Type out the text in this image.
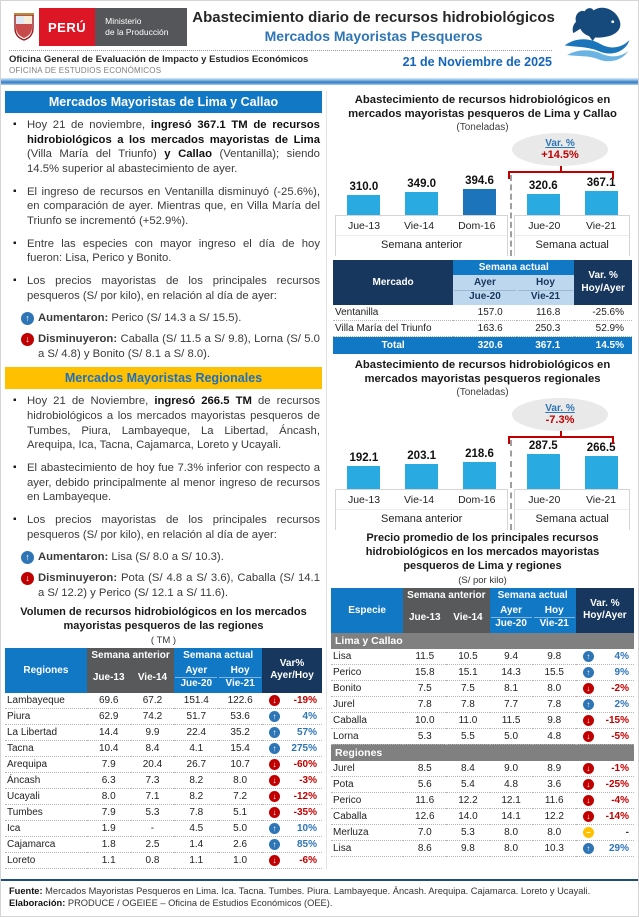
PERÚ	Ministerio
de la Producción
Abastecimiento diario de recursos hidrobiológicos
Mercados Mayoristas Pesqueros
Oficina General de Evaluación de Impacto y Estudios Económicos
OFICINA DE ESTUDIOS ECONÓMICOS
21 de Noviembre de 2025
Mercados Mayoristas de Lima y Callao
▪ Hoy 21 de noviembre, ingresó 367.1 TM de recursos hidrobiológicos a los mercados mayoristas de Lima (Villa María del Triunfo) y Callao (Ventanilla); siendo 14.5% superior al abastecimiento de ayer.
▪ El ingreso de recursos en Ventanilla disminuyó (-25.6%), en comparación de ayer. Mientras que, en Villa María del Triunfo se incrementó (+52.9%).
▪ Entre las especies con mayor ingreso el día de hoy fueron: Lisa, Perico y Bonito.
▪ Los precios mayoristas de los principales recursos pesqueros (S/ por kilo), en relación al día de ayer:
↑ Aumentaron: Perico (S/ 14.3 a S/ 15.5).
↓ Disminuyeron: Caballa (S/ 11.5 a S/ 9.8), Lorna (S/ 5.0 a S/ 4.8) y Bonito (S/ 8.1 a S/ 8.0).
Mercados Mayoristas Regionales
▪ Hoy 21 de Noviembre, ingresó 266.5 TM de recursos hidrobiológicos a los mercados mayoristas pesqueros de Tumbes, Piura, Lambayeque, La Libertad, Áncash, Arequipa, Ica, Tacna, Cajamarca, Loreto y Ucayali.
▪ El abastecimiento de hoy fue 7.3% inferior con respecto a ayer, debido principalmente al menor ingreso de recursos en Lambayeque.
▪ Los precios mayoristas de los principales recursos pesqueros (S/ por kilo), en relación al día de ayer:
↑ Aumentaron: Lisa (S/ 8.0 a S/ 10.3).
↓ Disminuyeron: Pota (S/ 4.8 a S/ 3.6), Caballa (S/ 14.1 a S/ 12.2) y Perico (S/ 12.1 a S/ 11.6).
Volumen de recursos hidrobiológicos en los mercados mayoristas pesqueros de las regiones
( TM )
Regiones	Semana anterior		Semana actual		Var%
Ayer/Hoy

Jue-13	Vie-14	
Ayer
Jue-20

Hoy
Vie-21

Lambayeque	69.6	67.2	151.4	122.6	↓ -19%

Piura	62.9	74.2	51.7	53.6	↑ 4%

La Libertad	14.4	9.9	22.4	35.2	↑ 57%

Tacna	10.4	8.4	4.1	15.4	↑ 275%

Arequipa	7.9	20.4	26.7	10.7	↓ -60%

Áncash	6.3	7.3	8.2	8.0	↓ -3%

Ucayali	8.0	7.1	8.2	7.2	↓ -12%

Tumbes	7.9	5.3	7.8	5.1	↓ -35%

Ica	1.9	-	4.5	5.0	↑ 10%

Cajamarca	1.8	2.5	1.4	2.6	↑ 85%

Loreto	1.1	0.8	1.1	1.0	↓ -6%
Abastecimiento de recursos hidrobiológicos en mercados mayoristas pesqueros de Lima y Callao
(Toneladas)
Var. %
+14.5%
310.0	349.0	394.6
Jue-13 Vie-14 Dom-16
Semana anterior
320.6	367.1
Jue-20 Vie-21
Semana actual
Mercado	Semana actual		Var. %
Hoy/Ayer

Ayer
Jue-20

Hoy
Vie-21

Ventanilla	157.0	116.8	-25.6%
Villa María del Triunfo	163.6	250.3	52.9%
Total	320.6	367.1	14.5%
Abastecimiento de recursos hidrobiológicos en mercados mayoristas pesqueros regionales
(Toneladas)
Var. %
-7.3%
192.1	203.1	218.6
Jue-13 Vie-14 Dom-16
Semana anterior
287.5	266.5
Jue-20 Vie-21
Semana actual
Precio promedio de los principales recursos hidrobiológicos en los mercados mayoristas pesqueros de Lima y regiones
(S/ por kilo)
Especie	Semana anterior		Semana actual		Var. %
Hoy/Ayer

Jue-13	Vie-14	
Ayer
Jue-20

Hoy
Vie-21

Lima y Callao					
Lisa	11.5	10.5	9.4	9.8	↑ 4%

Perico	15.8	15.1	14.3	15.5	↑ 9%

Bonito	7.5	7.5	8.1	8.0	↓ -2%

Jurel	7.8	7.8	7.7	7.8	↑ 2%

Caballa	10.0	11.0	11.5	9.8	↓ -15%

Lorna	5.3	5.5	5.0	4.8	↓ -5%

Regiones					
Jurel	8.5	8.4	9.0	8.9	↓ -1%

Pota	5.6	5.4	4.8	3.6	↓ -25%

Perico	11.6	12.2	12.1	11.6	↓ -4%

Caballa	12.6	14.0	14.1	12.2	↓ -14%

Merluza	7.0	5.3	8.0	8.0	− -

Lisa	8.6	9.8	8.0	10.3	↑ 29%

Fuente: Mercados Mayoristas Pesqueros en Lima. Ica. Tacna. Tumbes. Piura. Lambayeque. Áncash. Arequipa. Cajamarca. Loreto y Ucayali.

Elaboración: PRODUCE / OGEIEE – Oficina de Estudios Económicos (OEE).
